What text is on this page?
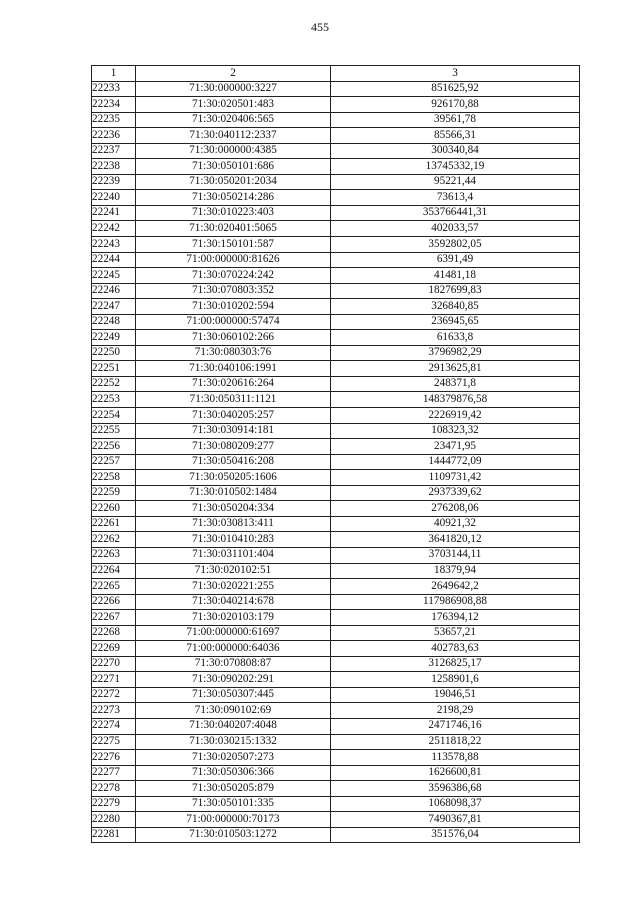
455
1	2	3
22233	71:30:000000:3227	851625,92
22234	71:30:020501:483	926170,88
22235	71:30:020406:565	39561,78
22236	71:30:040112:2337	85566,31
22237	71:30:000000:4385	300340,84
22238	71:30:050101:686	13745332,19
22239	71:30:050201:2034	95221,44
22240	71:30:050214:286	73613,4
22241	71:30:010223:403	353766441,31
22242	71:30:020401:5065	402033,57
22243	71:30:150101:587	3592802,05
22244	71:00:000000:81626	6391,49
22245	71:30:070224:242	41481,18
22246	71:30:070803:352	1827699,83
22247	71:30:010202:594	326840,85
22248	71:00:000000:57474	236945,65
22249	71:30:060102:266	61633,8
22250	71:30:080303:76	3796982,29
22251	71:30:040106:1991	2913625,81
22252	71:30:020616:264	248371,8
22253	71:30:050311:1121	148379876,58
22254	71:30:040205:257	2226919,42
22255	71:30:030914:181	108323,32
22256	71:30:080209:277	23471,95
22257	71:30:050416:208	1444772,09
22258	71:30:050205:1606	1109731,42
22259	71:30:010502:1484	2937339,62
22260	71:30:050204:334	276208,06
22261	71:30:030813:411	40921,32
22262	71:30:010410:283	3641820,12
22263	71:30:031101:404	3703144,11
22264	71:30:020102:51	18379,94
22265	71:30:020221:255	2649642,2
22266	71:30:040214:678	117986908,88
22267	71:30:020103:179	176394,12
22268	71:00:000000:61697	53657,21
22269	71:00:000000:64036	402783,63
22270	71:30:070808:87	3126825,17
22271	71:30:090202:291	1258901,6
22272	71:30:050307:445	19046,51
22273	71:30:090102:69	2198,29
22274	71:30:040207:4048	2471746,16
22275	71:30:030215:1332	2511818,22
22276	71:30:020507:273	113578,88
22277	71:30:050306:366	1626600,81
22278	71:30:050205:879	3596386,68
22279	71:30:050101:335	1068098,37
22280	71:00:000000:70173	7490367,81
22281	71:30:010503:1272	351576,04
